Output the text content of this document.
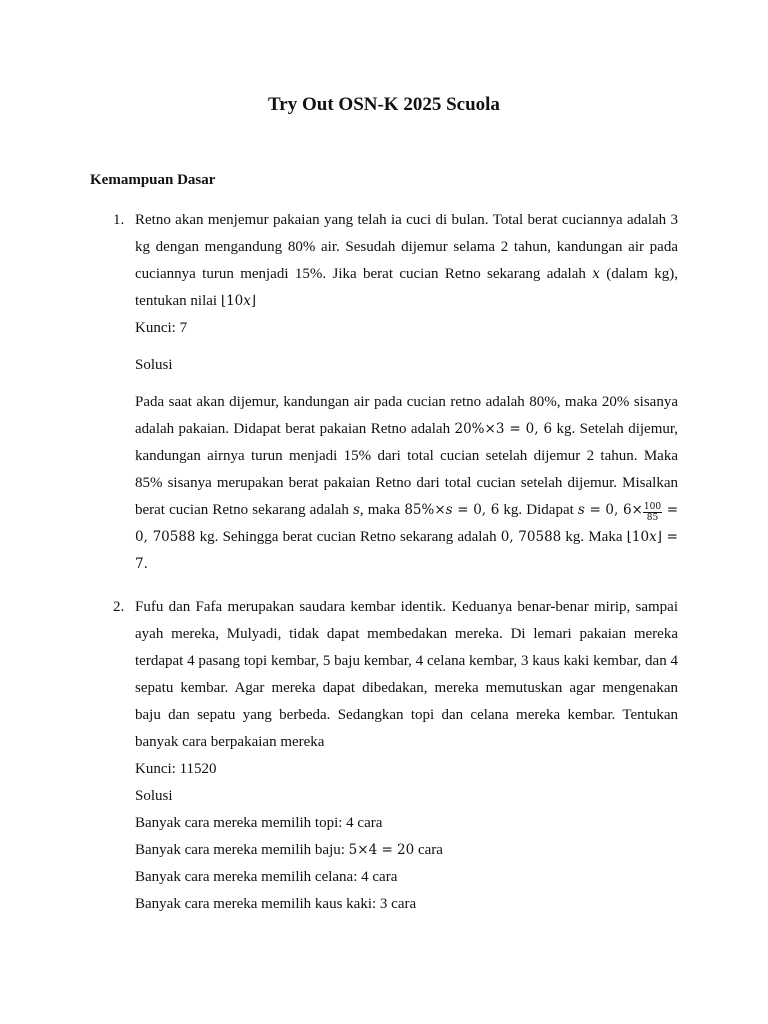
Try Out OSN-K 2025 Scuola

Kemampuan Dasar

1. Retno akan menjemur pakaian yang telah ia cuci di bulan. Total berat cuciannya adalah 3 kg dengan mengandung 80% air. Sesudah dijemur selama 2 tahun, kandungan air pada cuciannya turun menjadi 15%. Jika berat cucian Retno sekarang adalah x (dalam kg), tentukan nilai ⌊10x⌋

Kunci: 7

Solusi

Pada saat akan dijemur, kandungan air pada cucian retno adalah 80%, maka 20% sisanya adalah pakaian. Didapat berat pakaian Retno adalah 20%×3 = 0, 6 kg. Setelah dijemur, kandungan airnya turun menjadi 15% dari total cucian setelah dijemur 2 tahun. Maka 85% sisanya merupakan berat pakaian Retno dari total cucian setelah dijemur. Misalkan berat cucian Retno sekarang adalah s, maka 85%×s = 0, 6 kg. Didapat s = 0, $6\times \frac{100}{85} = 0$, 70588 kg. Sehingga berat cucian Retno sekarang adalah 0, 70588 kg. Maka ⌊10x⌋ = 7.

2. Fufu dan Fafa merupakan saudara kembar identik. Keduanya benar-benar mirip, sampai ayah mereka, Mulyadi, tidak dapat membedakan mereka. Di lemari pakaian mereka terdapat 4 pasang topi kembar, 5 baju kembar, 4 celana kembar, 3 kaus kaki kembar, dan 4 sepatu kembar. Agar mereka dapat dibedakan, mereka memutuskan agar mengenakan baju dan sepatu yang berbeda. Sedangkan topi dan celana mereka kembar. Tentukan banyak cara berpakaian mereka

Kunci: 11520

Solusi

Banyak cara mereka memilih topi: 4 cara

Banyak cara mereka memilih baju: 5×4 = 20 cara

Banyak cara mereka memilih celana: 4 cara

Banyak cara mereka memilih kaus kaki: 3 cara
